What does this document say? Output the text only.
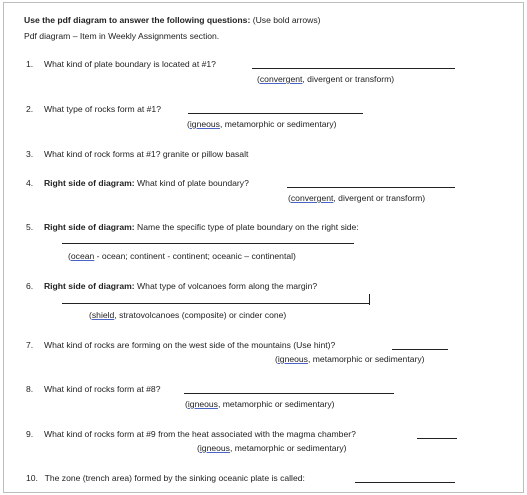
Use the pdf diagram to answer the following questions: (Use bold arrows)
Pdf diagram – Item in Weekly Assignments section.
1. What kind of plate boundary is located at #1?
(convergent, divergent or transform)
2. What type of rocks form at #1?
(igneous, metamorphic or sedimentary)
3. What kind of rock forms at #1? granite or pillow basalt
4. Right side of diagram: What kind of plate boundary?
(convergent, divergent or transform)
5. Right side of diagram: Name the specific type of plate boundary on the right side:
(ocean - ocean; continent - continent; oceanic – continental)
6. Right side of diagram: What type of volcanoes form along the margin?
(shield, stratovolcanoes (composite) or cinder cone)
7. What kind of rocks are forming on the west side of the mountains (Use hint)?
(igneous, metamorphic or sedimentary)
8. What kind of rocks form at #8?
(igneous, metamorphic or sedimentary)
9. What kind of rocks form at #9 from the heat associated with the magma chamber?
(igneous, metamorphic or sedimentary)
10. The zone (trench area) formed by the sinking oceanic plate is called:
